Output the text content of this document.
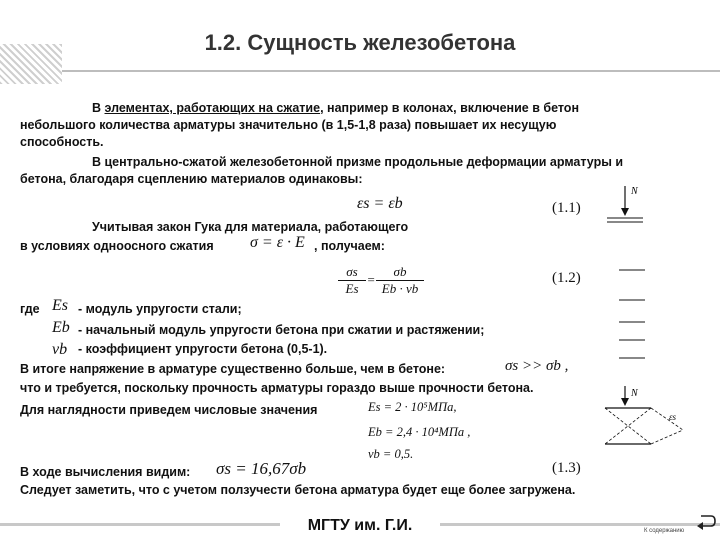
1.2. Сущность железобетона
В элементах, работающих на сжатие, например в колонах, включение в бетон
небольшого количества арматуры значительно (в 1,5-1,8 раза) повышает их несущую
способность.
В центрально-сжатой железобетонной призме продольные деформации арматуры и
бетона, благодаря сцеплению материалов одинаковы:
εs = εb	(1.1)
Учитывая закон Гука для материала, работающего
в условиях одноосного сжатия σ = ε · E , получаем:
$\frac{\sigma s}{Es} = \frac{\sigma b}{Eb \cdot vb}$	(1.2)
где Es - модуль упругости стали;
Eb - начальный модуль упругости бетона при сжатии и растяжении;
vb - коэффициент упругости бетона (0,5-1).
В итоге напряжение в арматуре существенно больше, чем в бетоне:	σs >> σb ,
что и требуется, поскольку прочность арматуры гораздо выше прочности бетона.
Для наглядности приведем числовые значения	Es = 2 · 10⁵МПа,
Eb = 2,4 · 10⁴МПа ,
vb = 0,5.
В ходе вычисления видим: σs = 16,67σb	(1.3)
Следует заметить, что с учетом ползучести бетона арматура будет еще более загружена.
N
N
εs
МГТУ им. Г.И.	К содержанию
